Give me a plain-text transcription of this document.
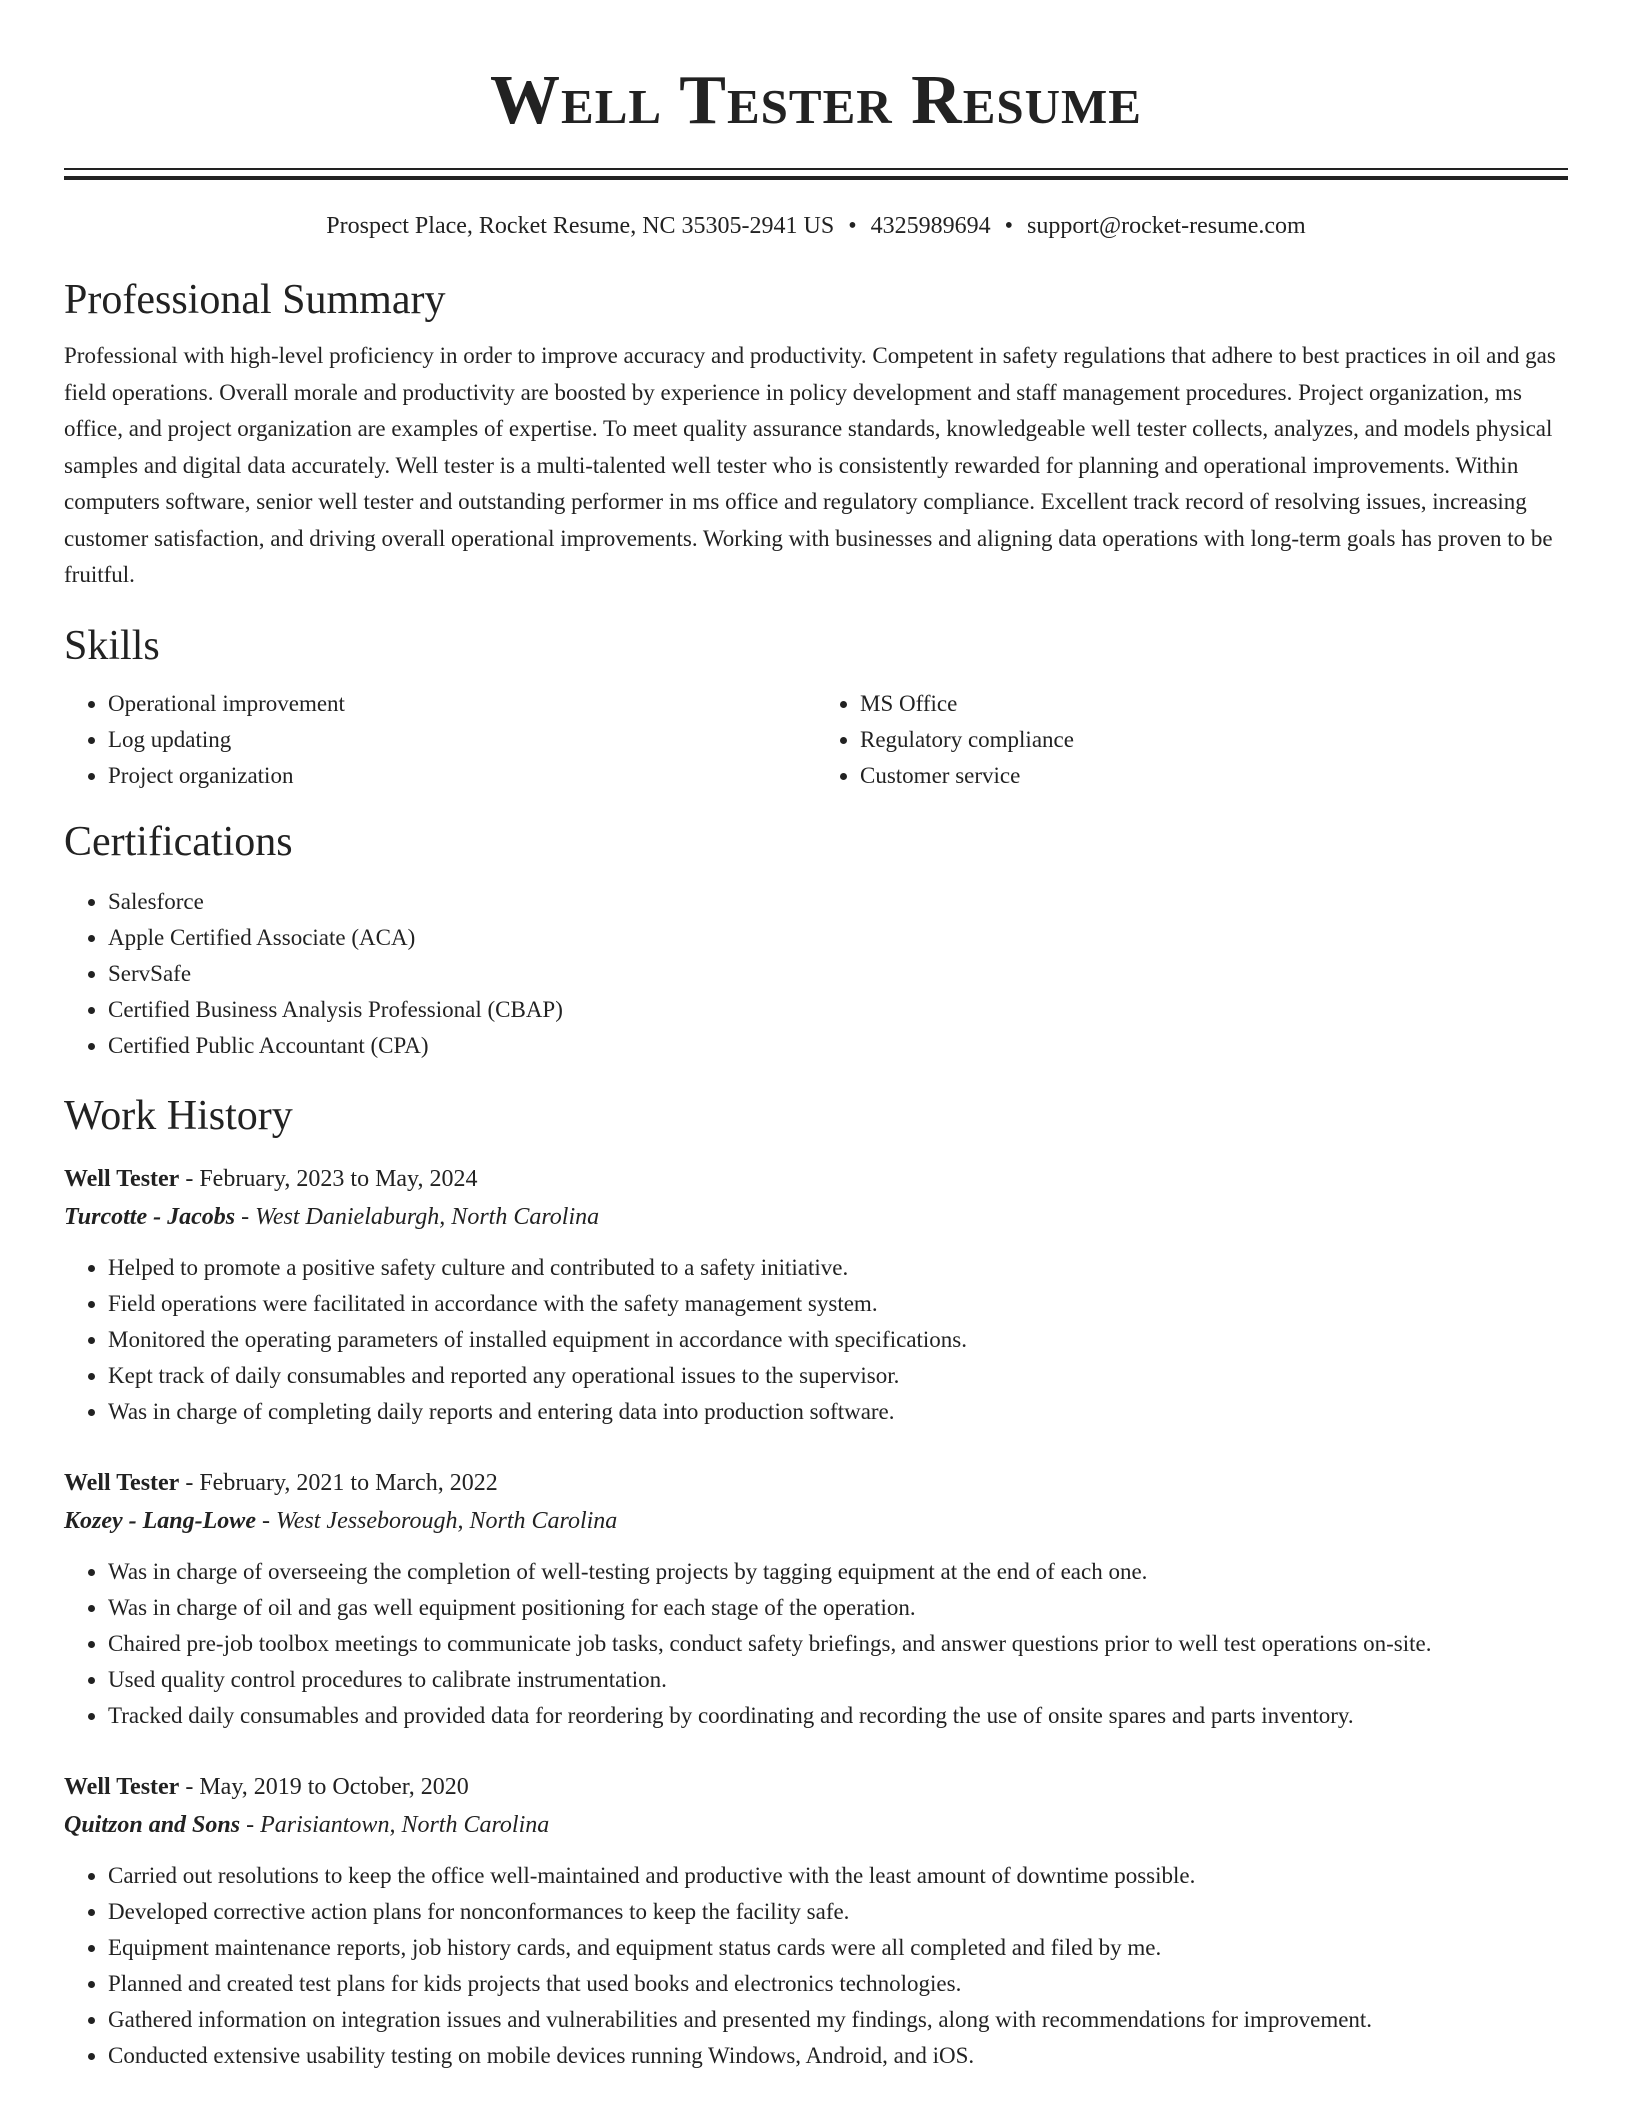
Well Tester Resume
Prospect Place, Rocket Resume, NC 35305-2941 US • 4325989694 • support@rocket-resume.com
Professional Summary

Professional with high-level proficiency in order to improve accuracy and productivity. Competent in safety regulations that adhere to best practices in oil and gas field operations. Overall morale and productivity are boosted by experience in policy development and staff management procedures. Project organization, ms office, and project organization are examples of expertise. To meet quality assurance standards, knowledgeable well tester collects, analyzes, and models physical samples and digital data accurately. Well tester is a multi-talented well tester who is consistently rewarded for planning and operational improvements. Within computers software, senior well tester and outstanding performer in ms office and regulatory compliance. Excellent track record of resolving issues, increasing customer satisfaction, and driving overall operational improvements. Working with businesses and aligning data operations with long-term goals has proven to be fruitful.

Skills
• Operational improvement
• Log updating
• Project organization
• MS Office
• Regulatory compliance
• Customer service
Certifications
• Salesforce
• Apple Certified Associate (ACA)
• ServSafe
• Certified Business Analysis Professional (CBAP)
• Certified Public Accountant (CPA)
Work History
Well Tester - February, 2023 to May, 2024
Turcotte - Jacobs - West Danielaburgh, North Carolina
• Helped to promote a positive safety culture and contributed to a safety initiative.
• Field operations were facilitated in accordance with the safety management system.
• Monitored the operating parameters of installed equipment in accordance with specifications.
• Kept track of daily consumables and reported any operational issues to the supervisor.
• Was in charge of completing daily reports and entering data into production software.
Well Tester - February, 2021 to March, 2022
Kozey - Lang-Lowe - West Jesseborough, North Carolina
• Was in charge of overseeing the completion of well-testing projects by tagging equipment at the end of each one.
• Was in charge of oil and gas well equipment positioning for each stage of the operation.
• Chaired pre-job toolbox meetings to communicate job tasks, conduct safety briefings, and answer questions prior to well test operations on-site.
• Used quality control procedures to calibrate instrumentation.
• Tracked daily consumables and provided data for reordering by coordinating and recording the use of onsite spares and parts inventory.
Well Tester - May, 2019 to October, 2020
Quitzon and Sons - Parisiantown, North Carolina
• Carried out resolutions to keep the office well-maintained and productive with the least amount of downtime possible.
• Developed corrective action plans for nonconformances to keep the facility safe.
• Equipment maintenance reports, job history cards, and equipment status cards were all completed and filed by me.
• Planned and created test plans for kids projects that used books and electronics technologies.
• Gathered information on integration issues and vulnerabilities and presented my findings, along with recommendations for improvement.
• Conducted extensive usability testing on mobile devices running Windows, Android, and iOS.
